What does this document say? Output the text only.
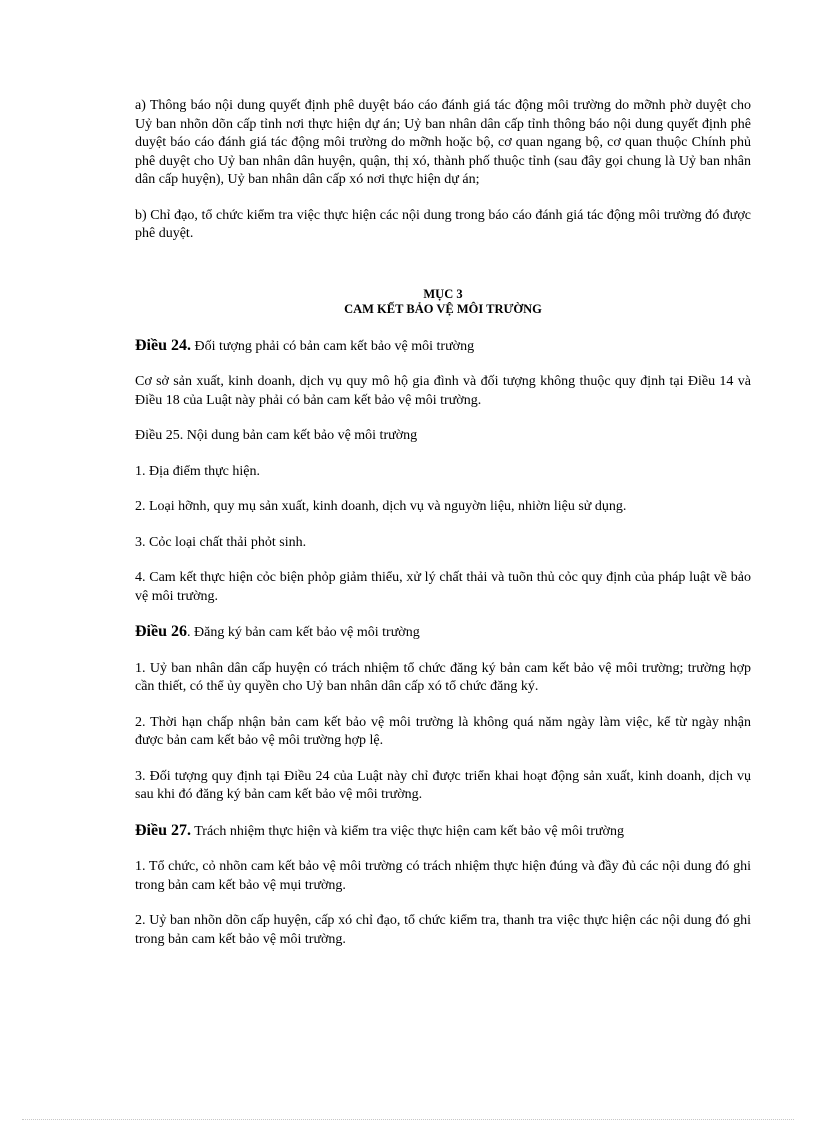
a) Thông báo nội dung quyết định phê duyệt báo cáo đánh giá tác động môi trường do mỡnh phờ duyệt cho Uỷ ban nhõn dõn cấp tỉnh nơi thực hiện dự án; Uỷ ban nhân dân cấp tỉnh thông báo nội dung quyết định phê duyệt báo cáo đánh giá tác động môi trường do mỡnh hoặc bộ, cơ quan ngang bộ, cơ quan thuộc Chính phủ phê duyệt cho Uỷ ban nhân dân huyện, quận, thị xó, thành phố thuộc tỉnh (sau đây gọi chung là Uỷ ban nhân dân cấp huyện), Uỷ ban nhân dân cấp xó nơi thực hiện dự án;

b) Chỉ đạo, tổ chức kiểm tra việc thực hiện các nội dung trong báo cáo đánh giá tác động môi trường đó được phê duyệt.

MỤC 3
CAM KẾT BẢO VỆ MÔI TRƯỜNG

Điều 24. Đối tượng phải có bản cam kết bảo vệ môi trường

Cơ sở sản xuất, kinh doanh, dịch vụ quy mô hộ gia đình và đối tượng không thuộc quy định tại Điều 14 và Điều 18 của Luật này phải có bản cam kết bảo vệ môi trường.

Điều 25. Nội dung bản cam kết bảo vệ môi trường

1. Địa điểm thực hiện.

2. Loại hỡnh, quy mụ sản xuất, kinh doanh, dịch vụ và nguyờn liệu, nhiờn liệu sử dụng.

3. Cỏc loại chất thải phỏt sinh.

4. Cam kết thực hiện cỏc biện phỏp giảm thiểu, xử lý chất thải và tuõn thủ cỏc quy định của pháp luật về bảo vệ môi trường.

Điều 26. Đăng ký bản cam kết bảo vệ môi trường

1. Uỷ ban nhân dân cấp huyện có trách nhiệm tổ chức đăng ký bản cam kết bảo vệ môi trường; trường hợp cần thiết, có thể ủy quyền cho Uỷ ban nhân dân cấp xó tổ chức đăng ký.

2. Thời hạn chấp nhận bản cam kết bảo vệ môi trường là không quá năm ngày làm việc, kể từ ngày nhận được bản cam kết bảo vệ môi trường hợp lệ.

3. Đối tượng quy định tại Điều 24 của Luật này chỉ được triển khai hoạt động sản xuất, kinh doanh, dịch vụ sau khi đó đăng ký bản cam kết bảo vệ môi trường.

Điều 27. Trách nhiệm thực hiện và kiểm tra việc thực hiện cam kết bảo vệ môi trường

1. Tổ chức, cỏ nhõn cam kết bảo vệ môi trường có trách nhiệm thực hiện đúng và đầy đủ các nội dung đó ghi trong bản cam kết bảo vệ mụi trường.

2. Uỷ ban nhõn dõn cấp huyện, cấp xó chỉ đạo, tổ chức kiểm tra, thanh tra việc thực hiện các nội dung đó ghi trong bản cam kết bảo vệ môi trường.
